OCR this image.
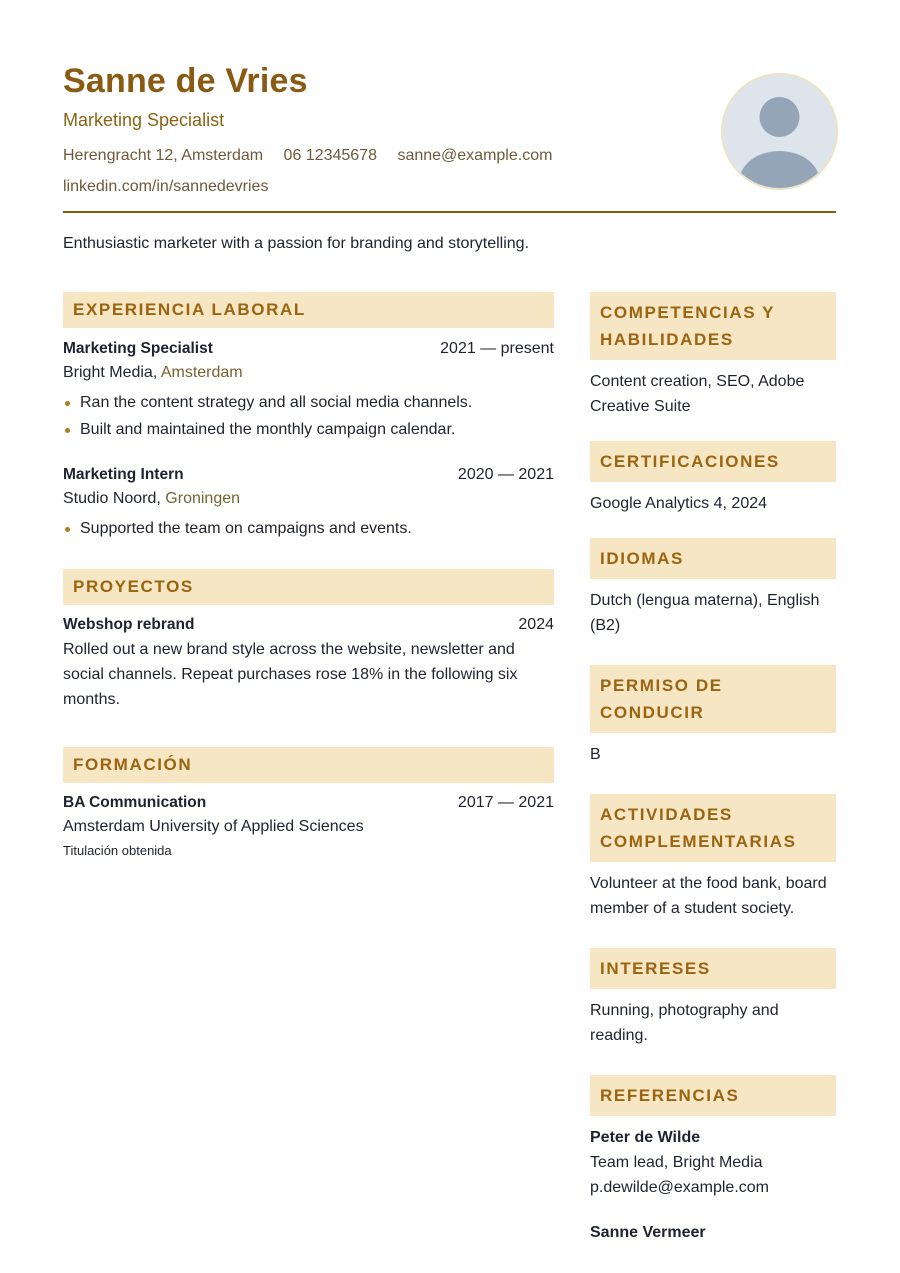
Sanne de Vries
Marketing Specialist
Herengracht 12, Amsterdam 06 12345678 sanne@example.com
linkedin.com/in/sannedevries
Enthusiastic marketer with a passion for branding and storytelling.
EXPERIENCIA LABORAL
Marketing Specialist	2021 — present
Bright Media, Amsterdam
Ran the content strategy and all social media channels.
Built and maintained the monthly campaign calendar.
Marketing Intern	2020 — 2021
Studio Noord, Groningen
Supported the team on campaigns and events.
PROYECTOS
Webshop rebrand	2024
Rolled out a new brand style across the website, newsletter and social channels. Repeat purchases rose 18% in the following six months.
FORMACIÓN
BA Communication	2017 — 2021
Amsterdam University of Applied Sciences
Titulación obtenida
COMPETENCIAS Y HABILIDADES
Content creation, SEO, Adobe Creative Suite
CERTIFICACIONES
Google Analytics 4, 2024
IDIOMAS
Dutch (lengua materna), English (B2)
PERMISO DE CONDUCIR
B
ACTIVIDADES COMPLEMENTARIAS
Volunteer at the food bank, board member of a student society.
INTERESES
Running, photography and reading.
REFERENCIAS
Peter de Wilde
Team lead, Bright Media
p.dewilde@example.com
Sanne Vermeer
